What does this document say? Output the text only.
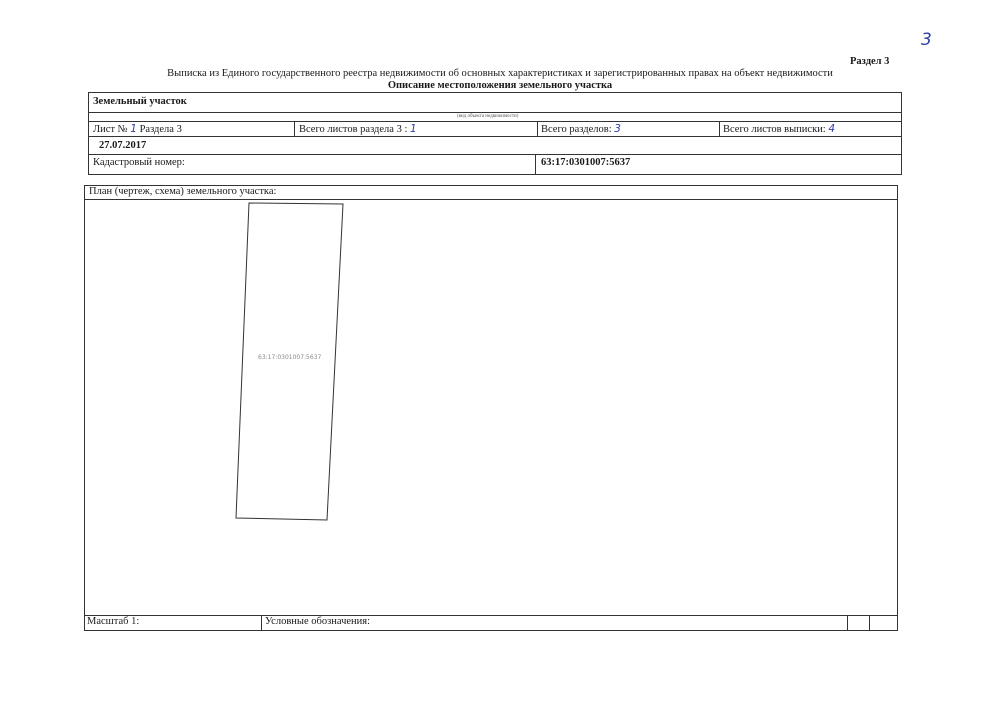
3
Раздел 3
Выписка из Единого государственного реестра недвижимости об основных характеристиках и зарегистрированных правах на объект недвижимости
Описание местоположения земельного участка
Земельный участок
(вид объекта недвижимости)
Лист № 1 Раздела 3	Всего листов раздела 3 : 1	Всего разделов: 3	Всего листов выписки: 4
27.07.2017
Кадастровый номер:	63:17:0301007:5637
План (чертеж, схема) земельного участка:
Масштаб 1:	Условные обозначения:
63:17:0301007:5637
